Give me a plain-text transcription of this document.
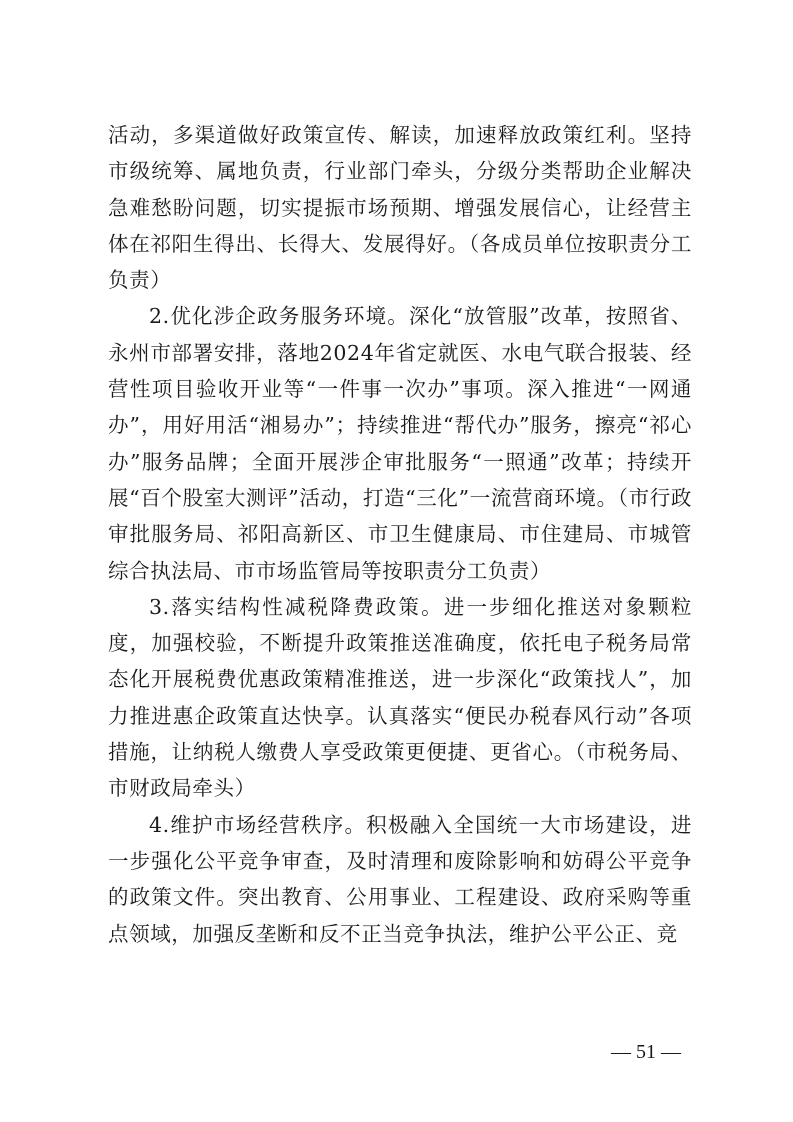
活动，多渠道做好政策宣传、解读，加速释放政策红利。坚持市级统筹、属地负责，行业部门牵头，分级分类帮助企业解决急难愁盼问题，切实提振市场预期、增强发展信心，让经营主体在祁阳生得出、长得大、发展得好。（各成员单位按职责分工负责）

2.优化涉企政务服务环境。深化“放管服”改革，按照省、永州市部署安排，落地2024年省定就医、水电气联合报装、经营性项目验收开业等“一件事一次办”事项。深入推进“一网通办”，用好用活“湘易办”；持续推进“帮代办”服务，擦亮“祁心办”服务品牌；全面开展涉企审批服务“一照通”改革；持续开展“百个股室大测评”活动，打造“三化”一流营商环境。（市行政审批服务局、祁阳高新区、市卫生健康局、市住建局、市城管综合执法局、市市场监管局等按职责分工负责）

3.落实结构性减税降费政策。进一步细化推送对象颗粒度，加强校验，不断提升政策推送准确度，依托电子税务局常态化开展税费优惠政策精准推送，进一步深化“政策找人”，加力推进惠企政策直达快享。认真落实“便民办税春风行动”各项措施，让纳税人缴费人享受政策更便捷、更省心。（市税务局、市财政局牵头）

4.维护市场经营秩序。积极融入全国统一大市场建设，进一步强化公平竞争审查，及时清理和废除影响和妨碍公平竞争的政策文件。突出教育、公用事业、工程建设、政府采购等重点领域，加强反垄断和反不正当竞争执法，维护公平公正、竞

— 51 —
